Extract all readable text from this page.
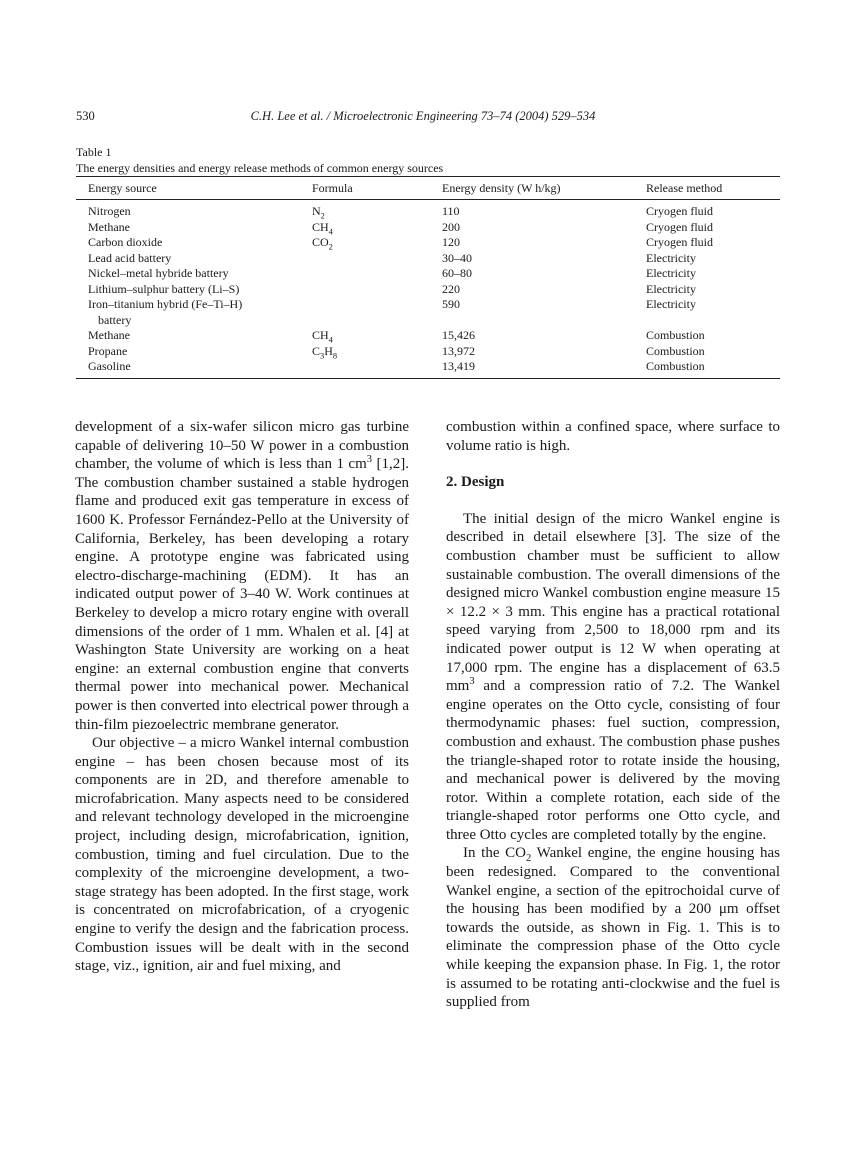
530	C.H. Lee et al. / Microelectronic Engineering 73–74 (2004) 529–534
Table 1
The energy densities and energy release methods of common energy sources
Energy source	Formula	Energy density (W h/kg)	Release method
Nitrogen	$N_2$	110	Cryogen fluid
Methane	$CH_4$	200	Cryogen fluid
Carbon dioxide	$CO_2$	120	Cryogen fluid
Lead acid battery		30–40	Electricity
Nickel–metal hybride battery		60–80	Electricity
Lithium–sulphur battery (Li–S)		220	Electricity
Iron–titanium hybrid (Fe–Ti–H)
battery		590	Electricity
Methane	$CH_4$	15,426	Combustion
Propane	$C_3H_8$	13,972	Combustion
Gasoline		13,419	Combustion

development of a six-wafer silicon micro gas turbine capable of delivering 10–50 W power in a combustion chamber, the volume of which is less than 1 $cm^3$ [1,2]. The combustion chamber sustained a stable hydrogen flame and produced exit gas temperature in excess of 1600 K. Professor Fernández-Pello at the University of California, Berkeley, has been developing a rotary engine. A prototype engine was fabricated using electro-discharge-machining (EDM). It has an indicated output power of 3–40 W. Work continues at Berkeley to develop a micro rotary engine with overall dimensions of the order of 1 mm. Whalen et al. [4] at Washington State University are working on a heat engine: an external combustion engine that converts thermal power into mechanical power. Mechanical power is then converted into electrical power through a thin-film piezoelectric membrane generator.

Our objective – a micro Wankel internal combustion engine – has been chosen because most of its components are in 2D, and therefore amenable to microfabrication. Many aspects need to be considered and relevant technology developed in the microengine project, including design, microfabrication, ignition, combustion, timing and fuel circulation. Due to the complexity of the microengine development, a two-stage strategy has been adopted. In the first stage, work is concentrated on microfabrication, of a cryogenic engine to verify the design and the fabrication process. Combustion issues will be dealt with in the second stage, viz., ignition, air and fuel mixing, and

combustion within a confined space, where surface to volume ratio is high.

2. Design

The initial design of the micro Wankel engine is described in detail elsewhere [3]. The size of the combustion chamber must be sufficient to allow sustainable combustion. The overall dimensions of the designed micro Wankel combustion engine measure 15 × 12.2 × 3 mm. This engine has a practical rotational speed varying from 2,500 to 18,000 rpm and its indicated power output is 12 W when operating at 17,000 rpm. The engine has a displacement of 63.5 $mm^3$ and a compression ratio of 7.2. The Wankel engine operates on the Otto cycle, consisting of four thermodynamic phases: fuel suction, compression, combustion and exhaust. The combustion phase pushes the triangle-shaped rotor to rotate inside the housing, and mechanical power is delivered by the moving rotor. Within a complete rotation, each side of the triangle-shaped rotor performs one Otto cycle, and three Otto cycles are completed totally by the engine.

In the $CO_2$ Wankel engine, the engine housing has been redesigned. Compared to the conventional Wankel engine, a section of the epitrochoidal curve of the housing has been modified by a 200 μm offset towards the outside, as shown in Fig. 1. This is to eliminate the compression phase of the Otto cycle while keeping the expansion phase. In Fig. 1, the rotor is assumed to be rotating anti-clockwise and the fuel is supplied from
